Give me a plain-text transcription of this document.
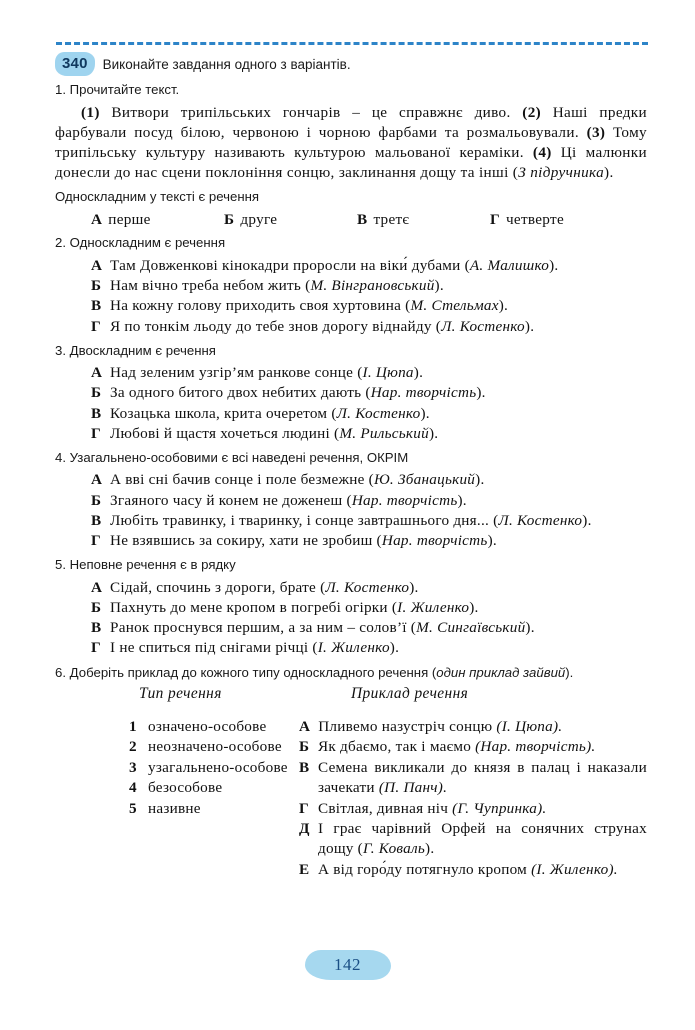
340	Виконайте завдання одного з варіантів.
1. Прочитайте текст.
(1) Витвори трипільських гончарів – це справжнє диво. (2) Наші предки фарбували посуд білою, червоною і чорною фарбами та розмальовували. (3) Тому трипільську культуру називають культурою мальованої кераміки. (4) Ці малюнки донесли до нас сцени поклоніння сонцю, заклинання дощу та інші (З підручника).
Односкладним у тексті є речення
А перше	Б друге	В третє	Г четверте
2. Односкладним є речення
А Там Довженкові кінокадри проросли на віки́ дубами (А. Малишко).
Б Нам вічно треба небом жить (М. Вінграновський).
В На кожну голову приходить своя хуртовина (М. Стельмах).
Г Я по тонкім льоду до тебе знов дорогу віднайду (Л. Костенко).
3. Двоскладним є речення
А Над зеленим узгір’ям ранкове сонце (І. Цюпа).
Б За одного битого двох небитих дають (Нар. творчість).
В Козацька школа, крита очеретом (Л. Костенко).
Г Любові й щастя хочеться людині (М. Рильський).
4. Узагальнено-особовими є всі наведені речення, ОКРІМ
А А вві сні бачив сонце і поле безмежне (Ю. Збанацький).
Б Згаяного часу й конем не доженеш (Нар. творчість).
В Любіть травинку, і тваринку, і сонце завтрашнього дня... (Л. Костенко).
Г Не взявшись за сокиру, хати не зробиш (Нар. творчість).
5. Неповне речення є в рядку
А Сідай, спочинь з дороги, брате (Л. Костенко).
Б Пахнуть до мене кропом в погребі огірки (І. Жиленко).
В Ранок проснувся першим, а за ним – солов’ї (М. Сингаївський).
Г І не спиться під снігами річці (І. Жиленко).
6. Доберіть приклад до кожного типу односкладного речення (один приклад зайвий).
Тип речення
1 означено-особове
2 неозначено-особове
3 узагальнено-особове
4 безособове
5 називне
Приклад речення
А Пливемо назустріч сонцю (І. Цюпа).
Б Як дбаємо, так і маємо (Нар. творчість).
В Семена викликали до князя в палац і наказали зачекати (П. Панч).
Г Світлая, дивная ніч (Г. Чупринка).
Д І грає чарівний Орфей на сонячних струнах дощу (Г. Коваль).
Е А від горо́ду потягнуло кропом (І. Жиленко).
142
